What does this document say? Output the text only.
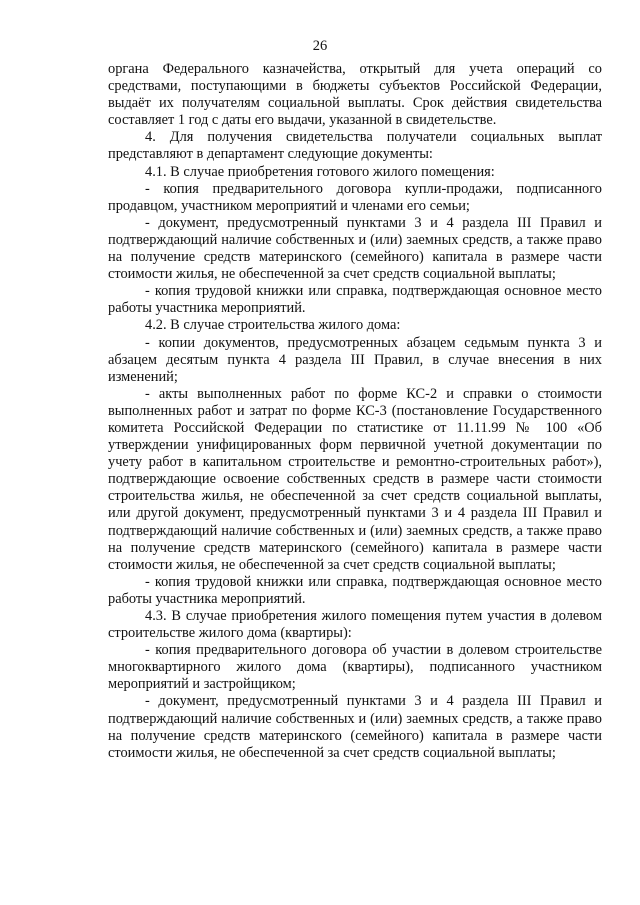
26

органа Федерального казначейства, открытый для учета операций со средствами, поступающими в бюджеты субъектов Российской Федерации, выдаёт их получателям социальной выплаты. Срок действия свидетельства составляет 1 год с даты его выдачи, указанной в свидетельстве.

4. Для получения свидетельства получатели социальных выплат представляют в департамент следующие документы:

4.1. В случае приобретения готового жилого помещения:

- копия предварительного договора купли-продажи, подписанного продавцом, участником мероприятий и членами его семьи;

- документ, предусмотренный пунктами 3 и 4 раздела III Правил и подтверждающий наличие собственных и (или) заемных средств, а также право на получение средств материнского (семейного) капитала в размере части стоимости жилья, не обеспеченной за счет средств социальной выплаты;

- копия трудовой книжки или справка, подтверждающая основное место работы участника мероприятий.

4.2. В случае строительства жилого дома:

- копии документов, предусмотренных абзацем седьмым пункта 3 и абзацем десятым пункта 4 раздела III Правил, в случае внесения в них изменений;

- акты выполненных работ по форме КС-2 и справки о стоимости выполненных работ и затрат по форме КС-3 (постановление Государственного комитета Российской Федерации по статистике от 11.11.99 № 100 «Об утверждении унифицированных форм первичной учетной документации по учету работ в капитальном строительстве и ремонтно-строительных работ»), подтверждающие освоение собственных средств в размере части стоимости строительства жилья, не обеспеченной за счет средств социальной выплаты, или другой документ, предусмотренный пунктами 3 и 4 раздела III Правил и подтверждающий наличие собственных и (или) заемных средств, а также право на получение средств материнского (семейного) капитала в размере части стоимости жилья, не обеспеченной за счет средств социальной выплаты;

- копия трудовой книжки или справка, подтверждающая основное место работы участника мероприятий.

4.3. В случае приобретения жилого помещения путем участия в долевом строительстве жилого дома (квартиры):

- копия предварительного договора об участии в долевом строительстве многоквартирного жилого дома (квартиры), подписанного участником мероприятий и застройщиком;

- документ, предусмотренный пунктами 3 и 4 раздела III Правил и подтверждающий наличие собственных и (или) заемных средств, а также право на получение средств материнского (семейного) капитала в размере части стоимости жилья, не обеспеченной за счет средств социальной выплаты;
